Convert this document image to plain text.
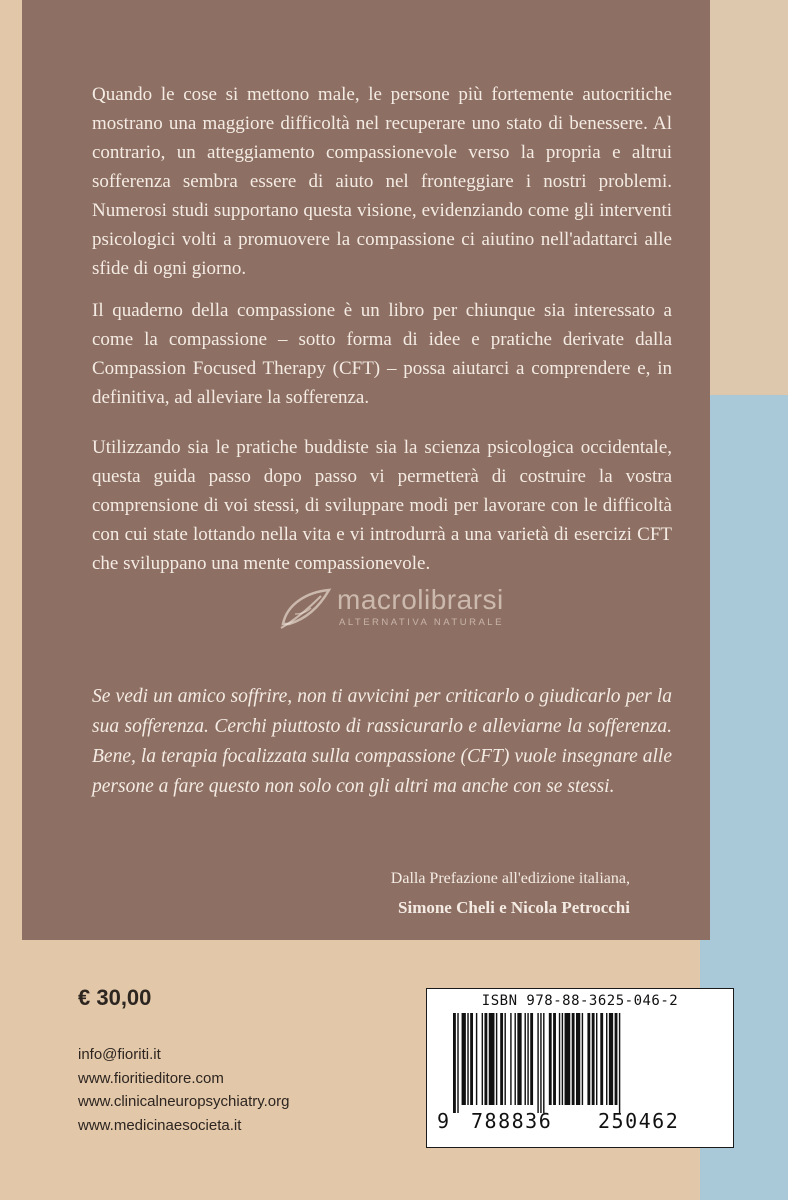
Quando le cose si mettono male, le persone più fortemente autocritiche mostrano una maggiore difficoltà nel recuperare uno stato di benessere. Al contrario, un atteggiamento compassionevole verso la propria e altrui sofferenza sembra essere di aiuto nel fronteggiare i nostri problemi. Numerosi studi supportano questa visione, evidenziando come gli interventi psicologici volti a promuovere la compassione ci aiutino nell'adattarci alle sfide di ogni giorno.

Il quaderno della compassione è un libro per chiunque sia interessato a come la compassione – sotto forma di idee e pratiche derivate dalla Compassion Focused Therapy (CFT) – possa aiutarci a comprendere e, in definitiva, ad alleviare la sofferenza.

Utilizzando sia le pratiche buddiste sia la scienza psicologica occidentale, questa guida passo dopo passo vi permetterà di costruire la vostra comprensione di voi stessi, di sviluppare modi per lavorare con le difficoltà con cui state lottando nella vita e vi introdurrà a una varietà di esercizi CFT che sviluppano una mente compassionevole.

macrolibrarsi
ALTERNATIVA NATURALE

Se vedi un amico soffrire, non ti avvicini per criticarlo o giudicarlo per la sua sofferenza. Cerchi piuttosto di rassicurarlo e alleviarne la sofferenza. Bene, la terapia focalizzata sulla compassione (CFT) vuole insegnare alle persone a fare questo non solo con gli altri ma anche con se stessi.

Dalla Prefazione all'edizione italiana,

Simone Cheli e Nicola Petrocchi

€ 30,00
info@fioriti.it
www.fioritieditore.com
www.clinicalneuropsychiatry.org
www.medicinaesocieta.it
ISBN 978-88-3625-046-2
9 788836 250462
